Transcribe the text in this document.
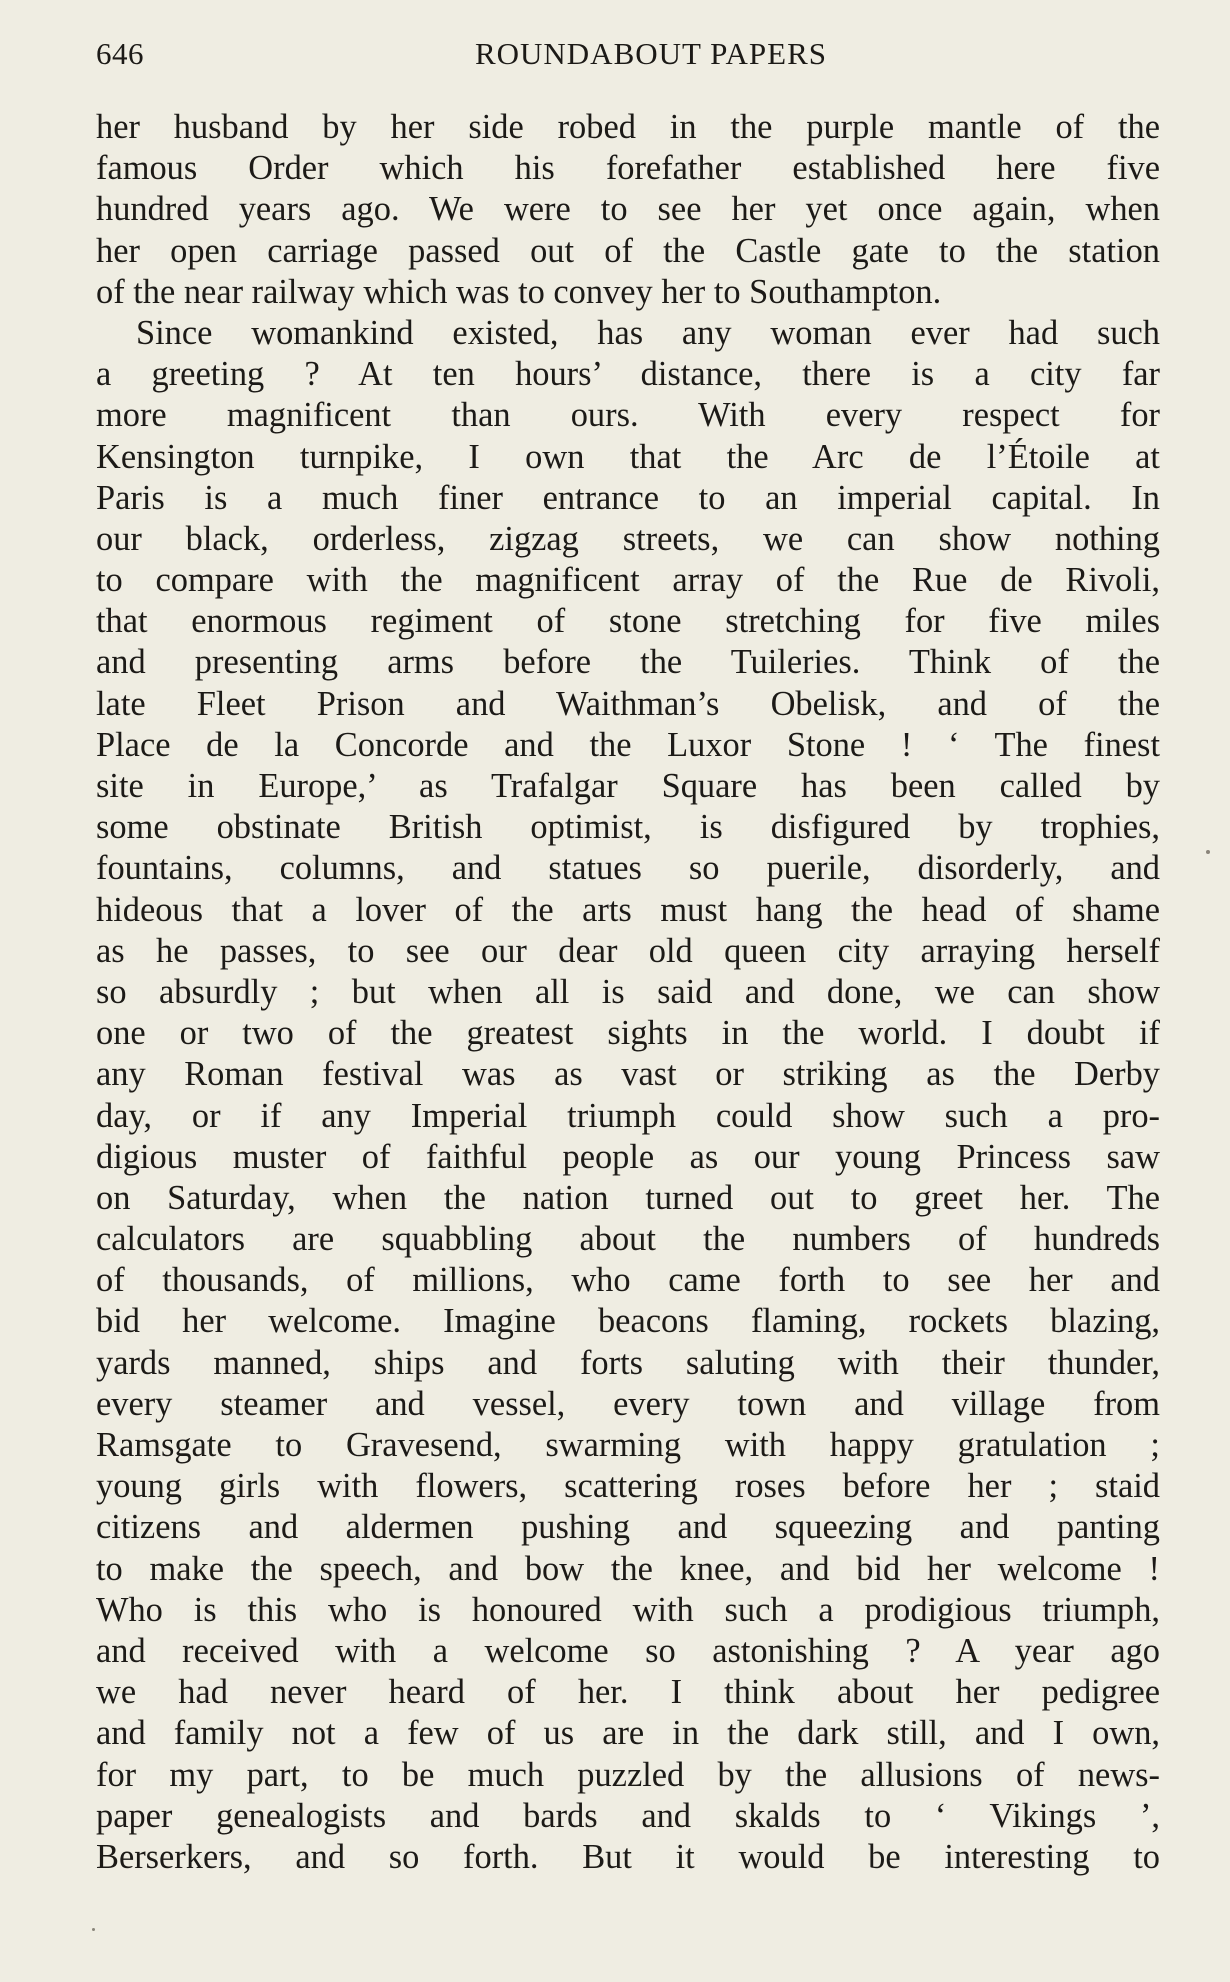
646	ROUNDABOUT PAPERS
her husband by her side robed in the purple mantle of the
famous Order which his forefather established here five
hundred years ago. We were to see her yet once again, when
her open carriage passed out of the Castle gate to the station
of the near railway which was to convey her to Southampton.
Since womankind existed, has any woman ever had such
a greeting ? At ten hours’ distance, there is a city far
more magnificent than ours. With every respect for
Kensington turnpike, I own that the Arc de l’Étoile at
Paris is a much finer entrance to an imperial capital. In
our black, orderless, zigzag streets, we can show nothing
to compare with the magnificent array of the Rue de Rivoli,
that enormous regiment of stone stretching for five miles
and presenting arms before the Tuileries. Think of the
late Fleet Prison and Waithman’s Obelisk, and of the
Place de la Concorde and the Luxor Stone ! ‘ The finest
site in Europe,’ as Trafalgar Square has been called by
some obstinate British optimist, is disfigured by trophies,
fountains, columns, and statues so puerile, disorderly, and
hideous that a lover of the arts must hang the head of shame
as he passes, to see our dear old queen city arraying herself
so absurdly ; but when all is said and done, we can show
one or two of the greatest sights in the world. I doubt if
any Roman festival was as vast or striking as the Derby
day, or if any Imperial triumph could show such a pro-
digious muster of faithful people as our young Princess saw
on Saturday, when the nation turned out to greet her. The
calculators are squabbling about the numbers of hundreds
of thousands, of millions, who came forth to see her and
bid her welcome. Imagine beacons flaming, rockets blazing,
yards manned, ships and forts saluting with their thunder,
every steamer and vessel, every town and village from
Ramsgate to Gravesend, swarming with happy gratulation ;
young girls with flowers, scattering roses before her ; staid
citizens and aldermen pushing and squeezing and panting
to make the speech, and bow the knee, and bid her welcome !
Who is this who is honoured with such a prodigious triumph,
and received with a welcome so astonishing ? A year ago
we had never heard of her. I think about her pedigree
and family not a few of us are in the dark still, and I own,
for my part, to be much puzzled by the allusions of news-
paper genealogists and bards and skalds to ‘ Vikings ’,
Berserkers, and so forth. But it would be interesting to
